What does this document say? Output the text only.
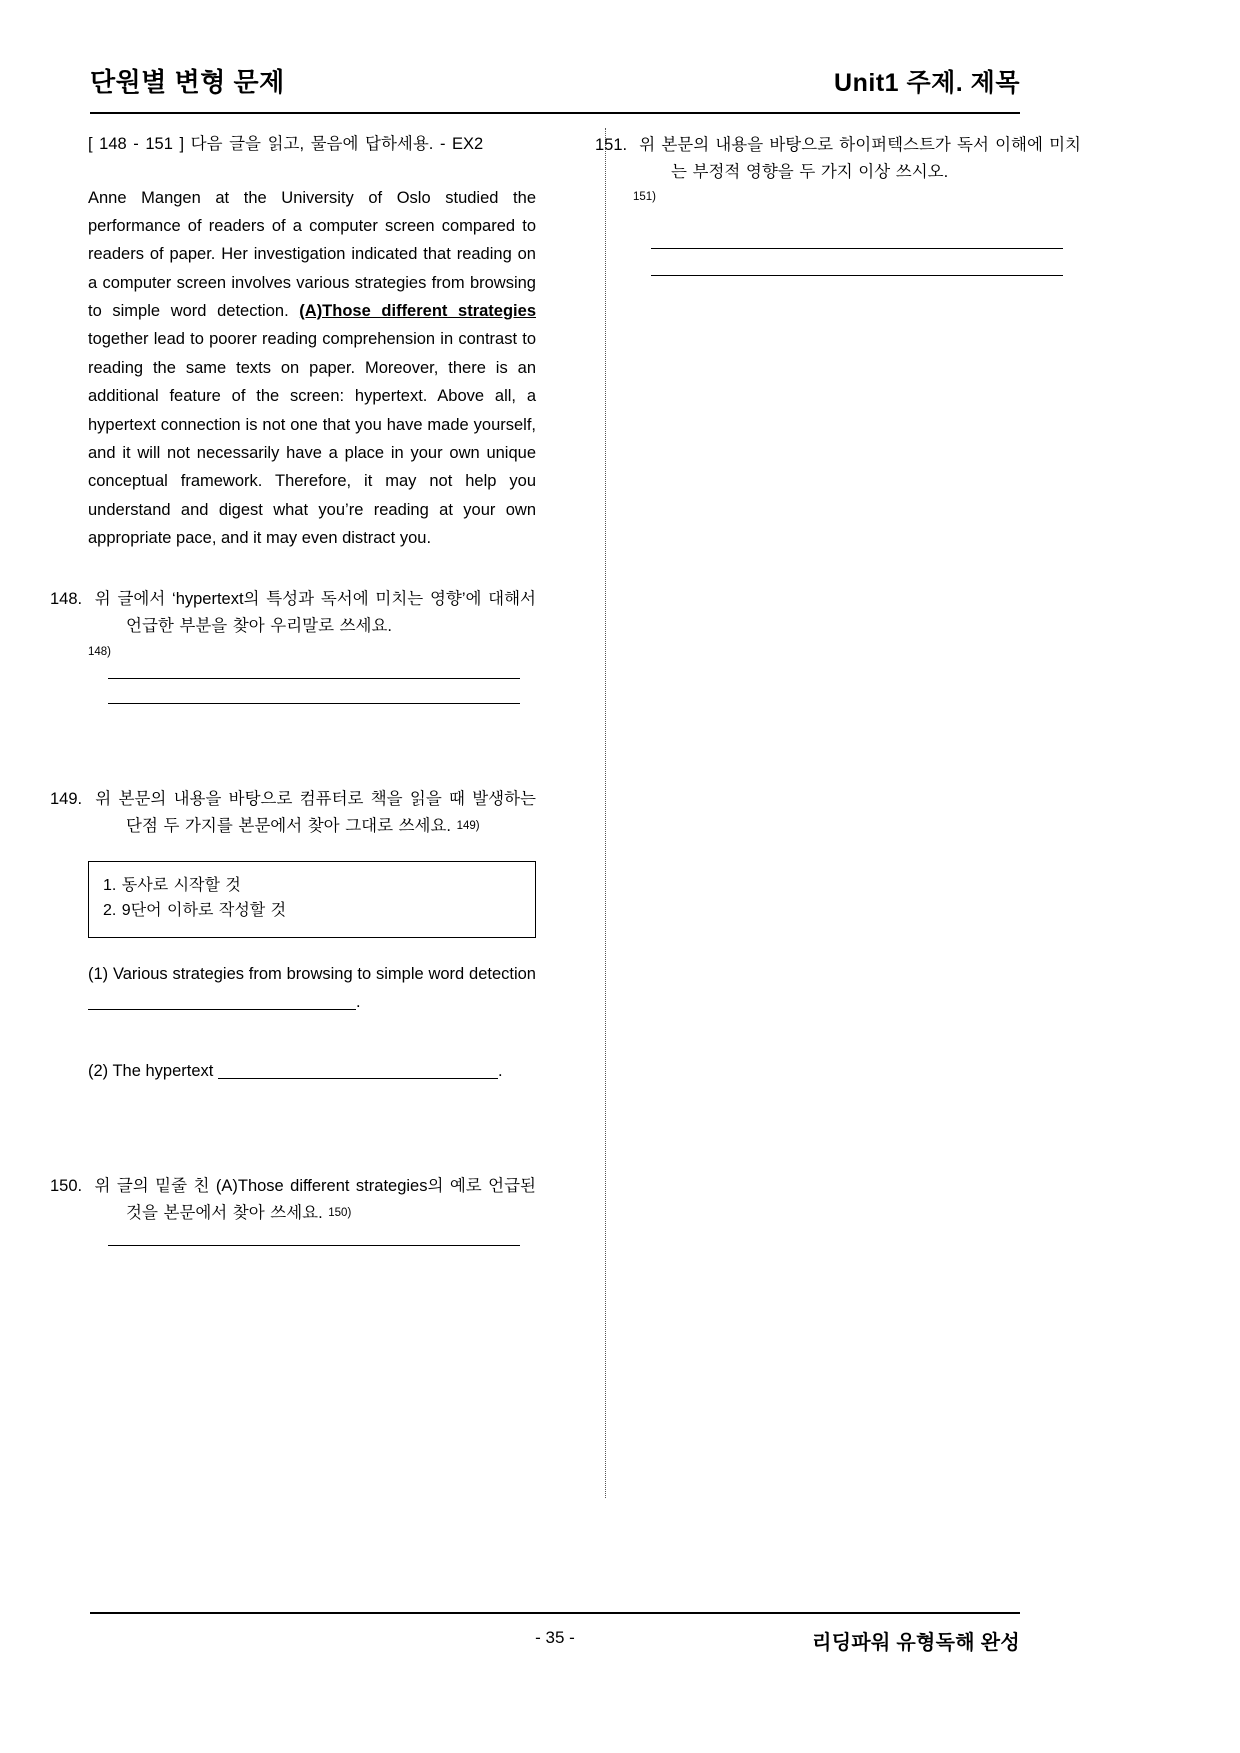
단원별 변형 문제	Unit1 주제. 제목
[ 148 - 151 ] 다음 글을 읽고, 물음에 답하세용. - EX2
Anne Mangen at the University of Oslo studied the performance of readers of a computer screen compared to readers of paper. Her investigation indicated that reading on a computer screen involves various strategies from browsing to simple word detection. (A)Those different strategies together lead to poorer reading comprehension in contrast to reading the same texts on paper. Moreover, there is an additional feature of the screen: hypertext. Above all, a hypertext connection is not one that you have made yourself, and it will not necessarily have a place in your own unique conceptual framework. Therefore, it may not help you understand and digest what you’re reading at your own appropriate pace, and it may even distract you.
148. 위 글에서 ‘hypertext의 특성과 독서에 미치는 영향’에 대해서 언급한 부분을 찾아 우리말로 쓰세요.
148)
149. 위 본문의 내용을 바탕으로 컴퓨터로 책을 읽을 때 발생하는 단점 두 가지를 본문에서 찾아 그대로 쓰세요. 149)
1. 동사로 시작할 것
2. 9단어 이하로 작성할 것
(1) Various strategies from browsing to simple word detection .
(2) The hypertext	.
150. 위 글의 밑줄 친 (A)Those different strategies의 예로 언급된 것을 본문에서 찾아 쓰세요. 150)
151. 위 본문의 내용을 바탕으로 하이퍼텍스트가 독서 이해에 미치는 부정적 영향을 두 가지 이상 쓰시오.
151)
- 35 -	리딩파워 유형독해 완성
